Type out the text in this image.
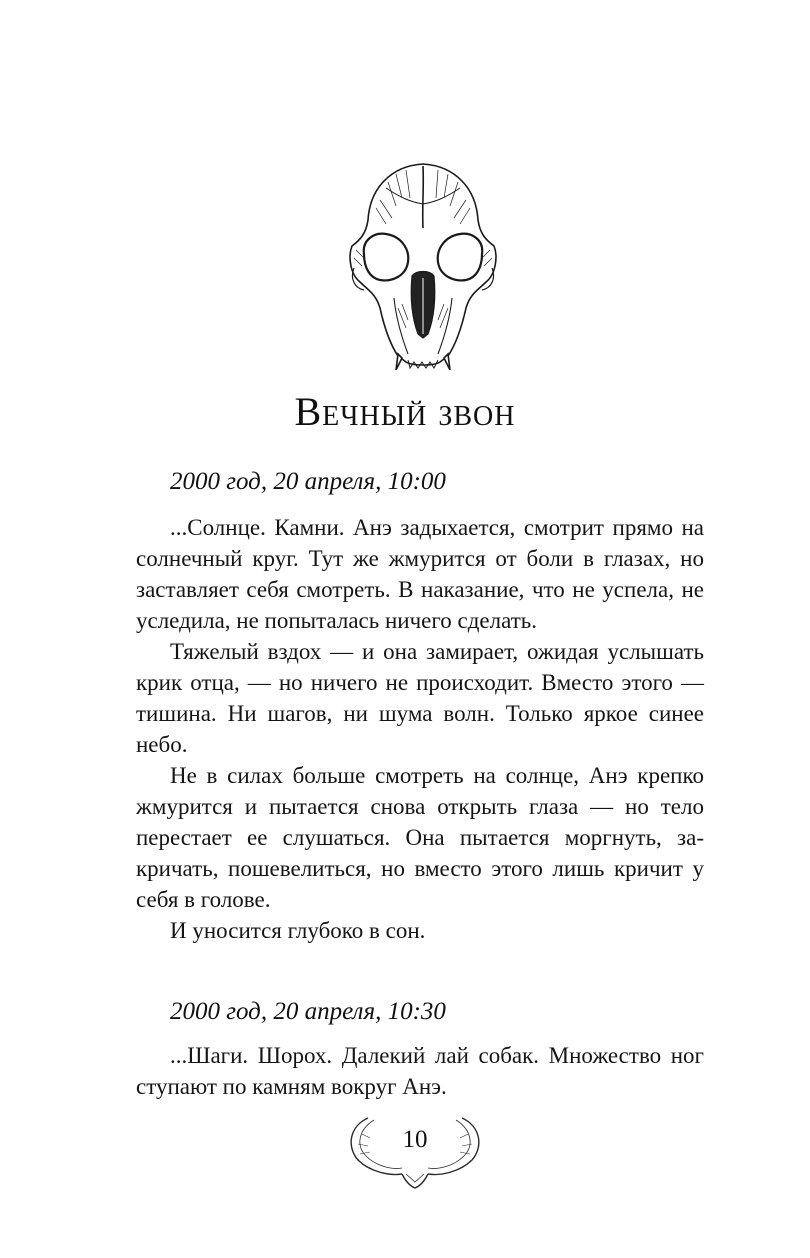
Вечный звон
2000 год, 20 апреля, 10:00

...Солнце. Камни. Анэ задыхается, смотрит прямо на солнечный круг. Тут же жмурится от боли в глазах, но заставляет себя смотреть. В наказание, что не успела, не уследила, не попыталась ничего сделать.

Тяжелый вздох — и она замирает, ожидая услышать крик отца, — но ничего не происходит. Вместо этого — тишина. Ни шагов, ни шума волн. Только яркое синее небо.

Не в силах больше смотреть на солнце, Анэ крепко жмурится и пытается снова открыть глаза — но тело перестает ее слушаться. Она пытается моргнуть, закричать, пошевелиться, но вместо этого лишь кричит у себя в голове.

И уносится глубоко в сон.

2000 год, 20 апреля, 10:30

...Шаги. Шорох. Далекий лай собак. Множество ног ступают по камням вокруг Анэ.

10
